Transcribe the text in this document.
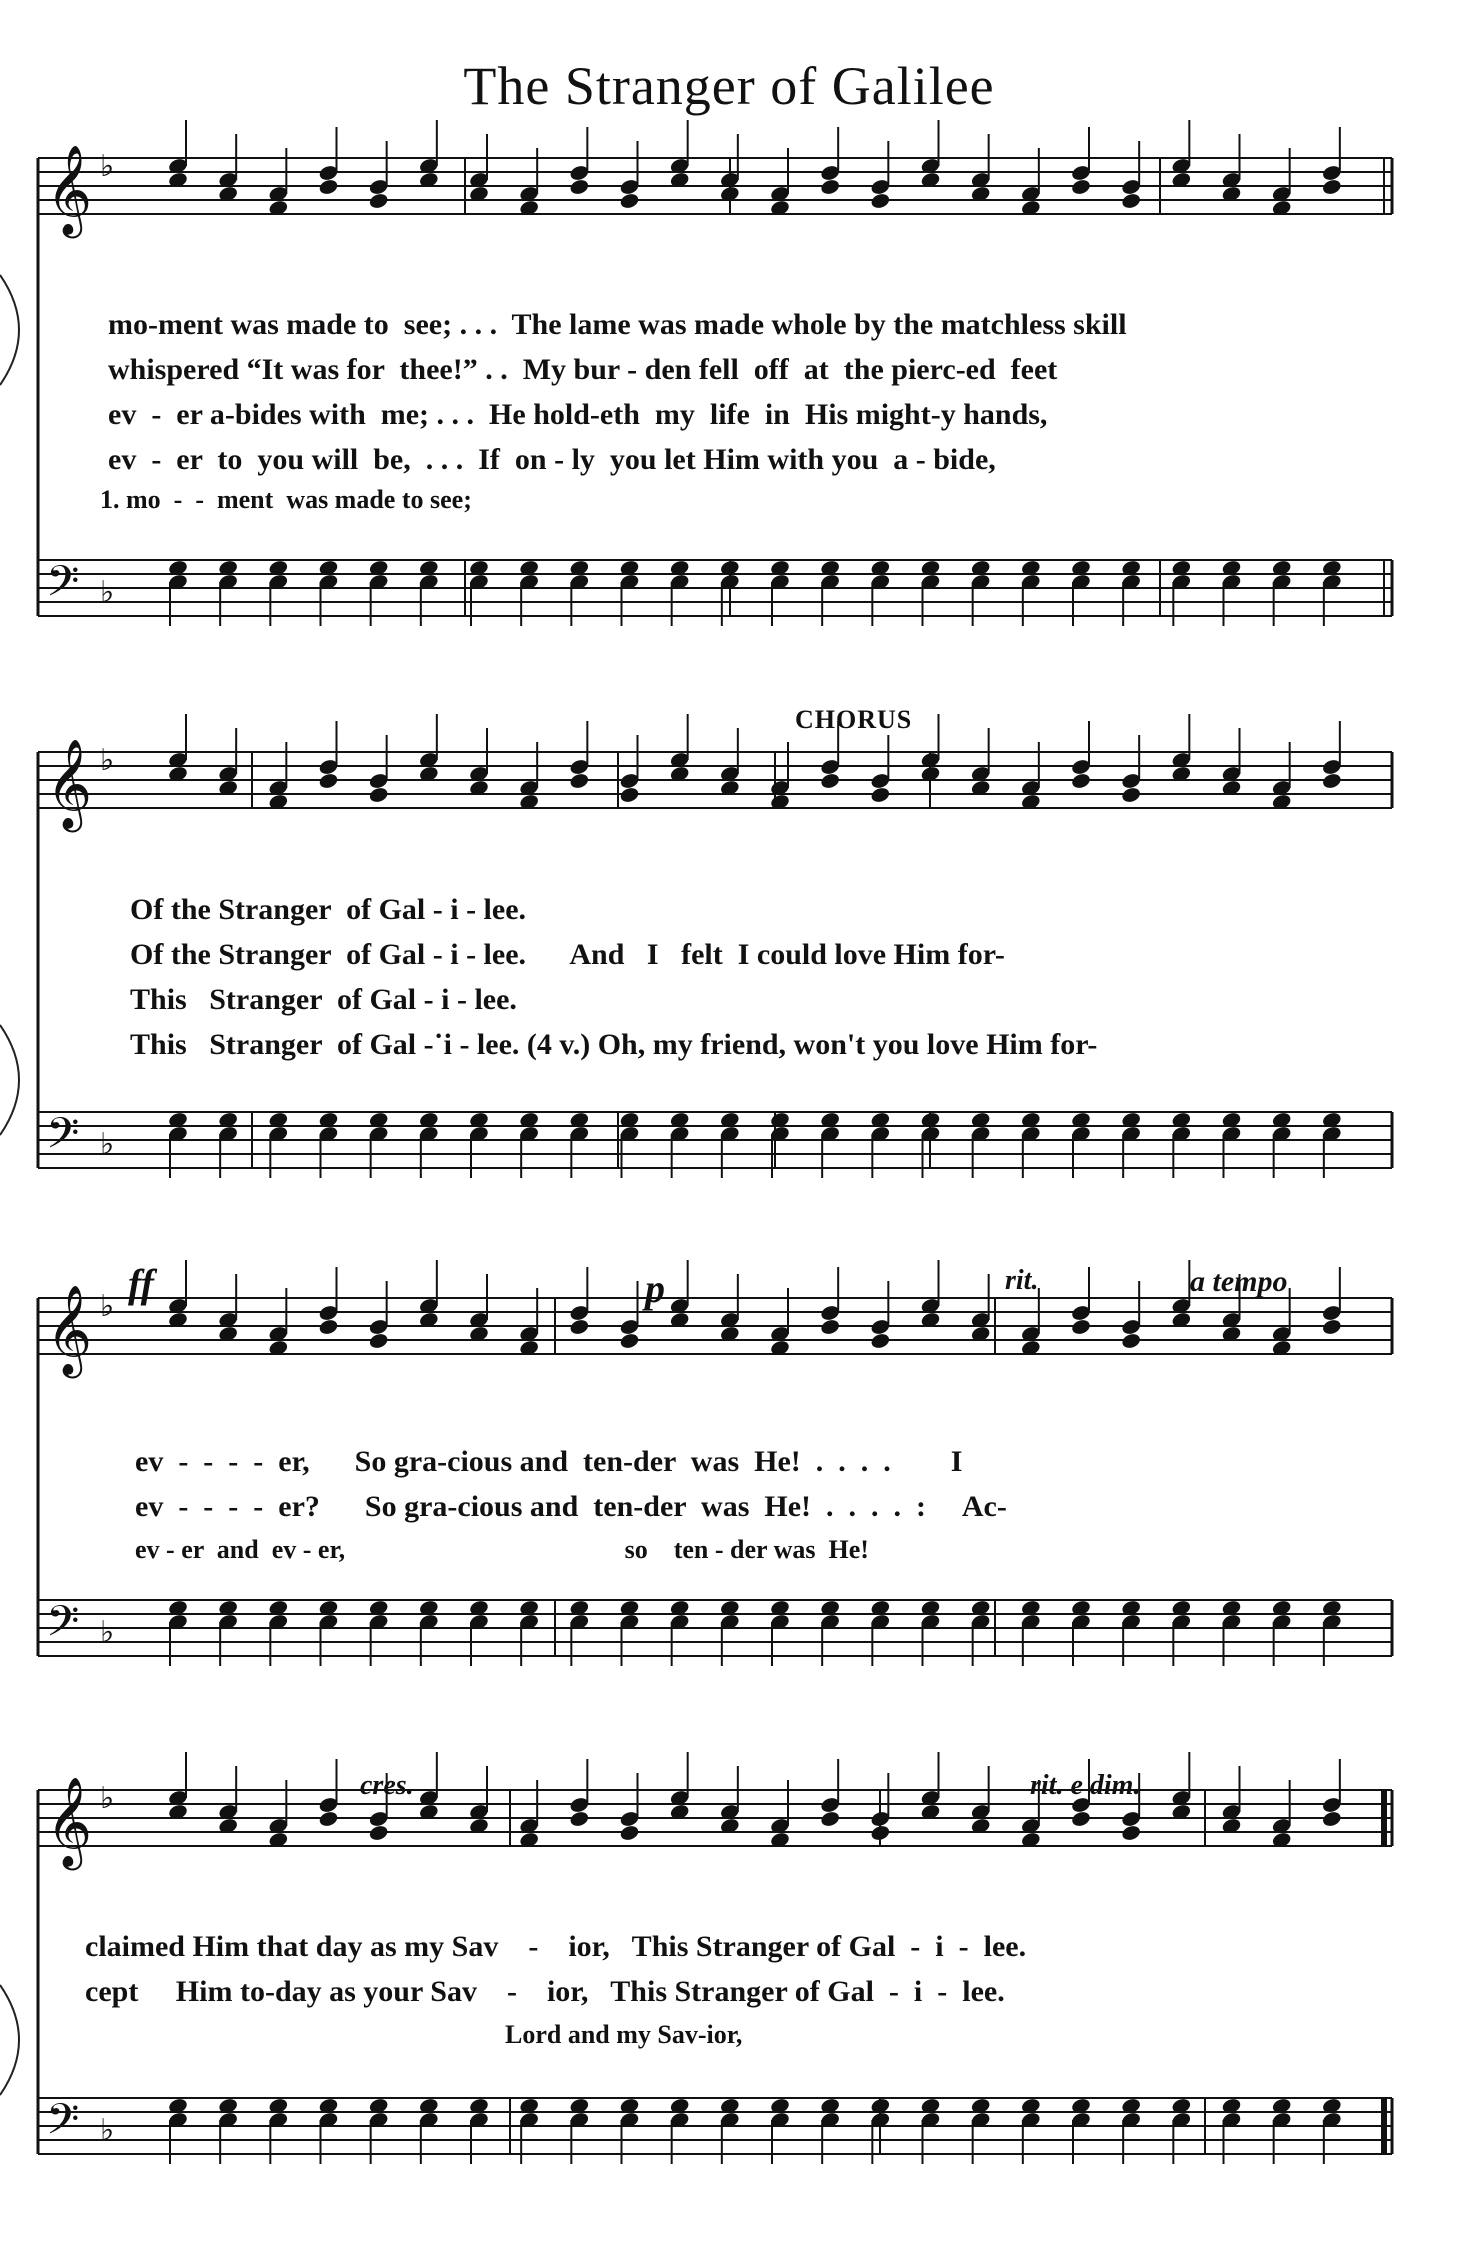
The Stranger of Galilee
𝄞 ♭
𝄢 ♭
𝄞 ♭
𝄢 ♭
𝄞 ♭
𝄢 ♭
𝄞 ♭
𝄢 ♭
mo-ment was made to  see; . . .  The lame was made whole by the matchless skill
whispered “It was for  thee!” . .  My bur - den fell  off  at  the pierc-ed  feet
ev  -  er a-bides with  me; . . .  He hold-eth  my  life  in  His might-y hands,
ev  -  er  to  you will  be,  . . .  If  on - ly  you let Him with you  a - bide,
1. mo  -  -  ment  was made to see;
CHORUS
Of the Stranger  of Gal - i - lee.
Of the Stranger  of Gal - i - lee.      And   I   felt  I could love Him for-
This   Stranger  of Gal - i - lee.
This   Stranger  of Gal -˙i - lee. (4 v.) Oh, my friend, won't you love Him for-
ff	p	rit.	a tempo
ev  -  -  -  -  er,      So gra-cious and  ten-der  was  He!  .  .  .  .        I
ev  -  -  -  -  er?      So gra-cious and  ten-der  was  He!  .  .  .  .  :     Ac-
ev - er  and  ev - er,                                           so    ten - der was  He!
cres.	rit. e dim.
claimed Him that day as my Sav    -    ior,   This Stranger of Gal  -  i  -  lee.
cept     Him to-day as your Sav    -    ior,   This Stranger of Gal  -  i  -  lee.
Lord and my Sav-ior,
